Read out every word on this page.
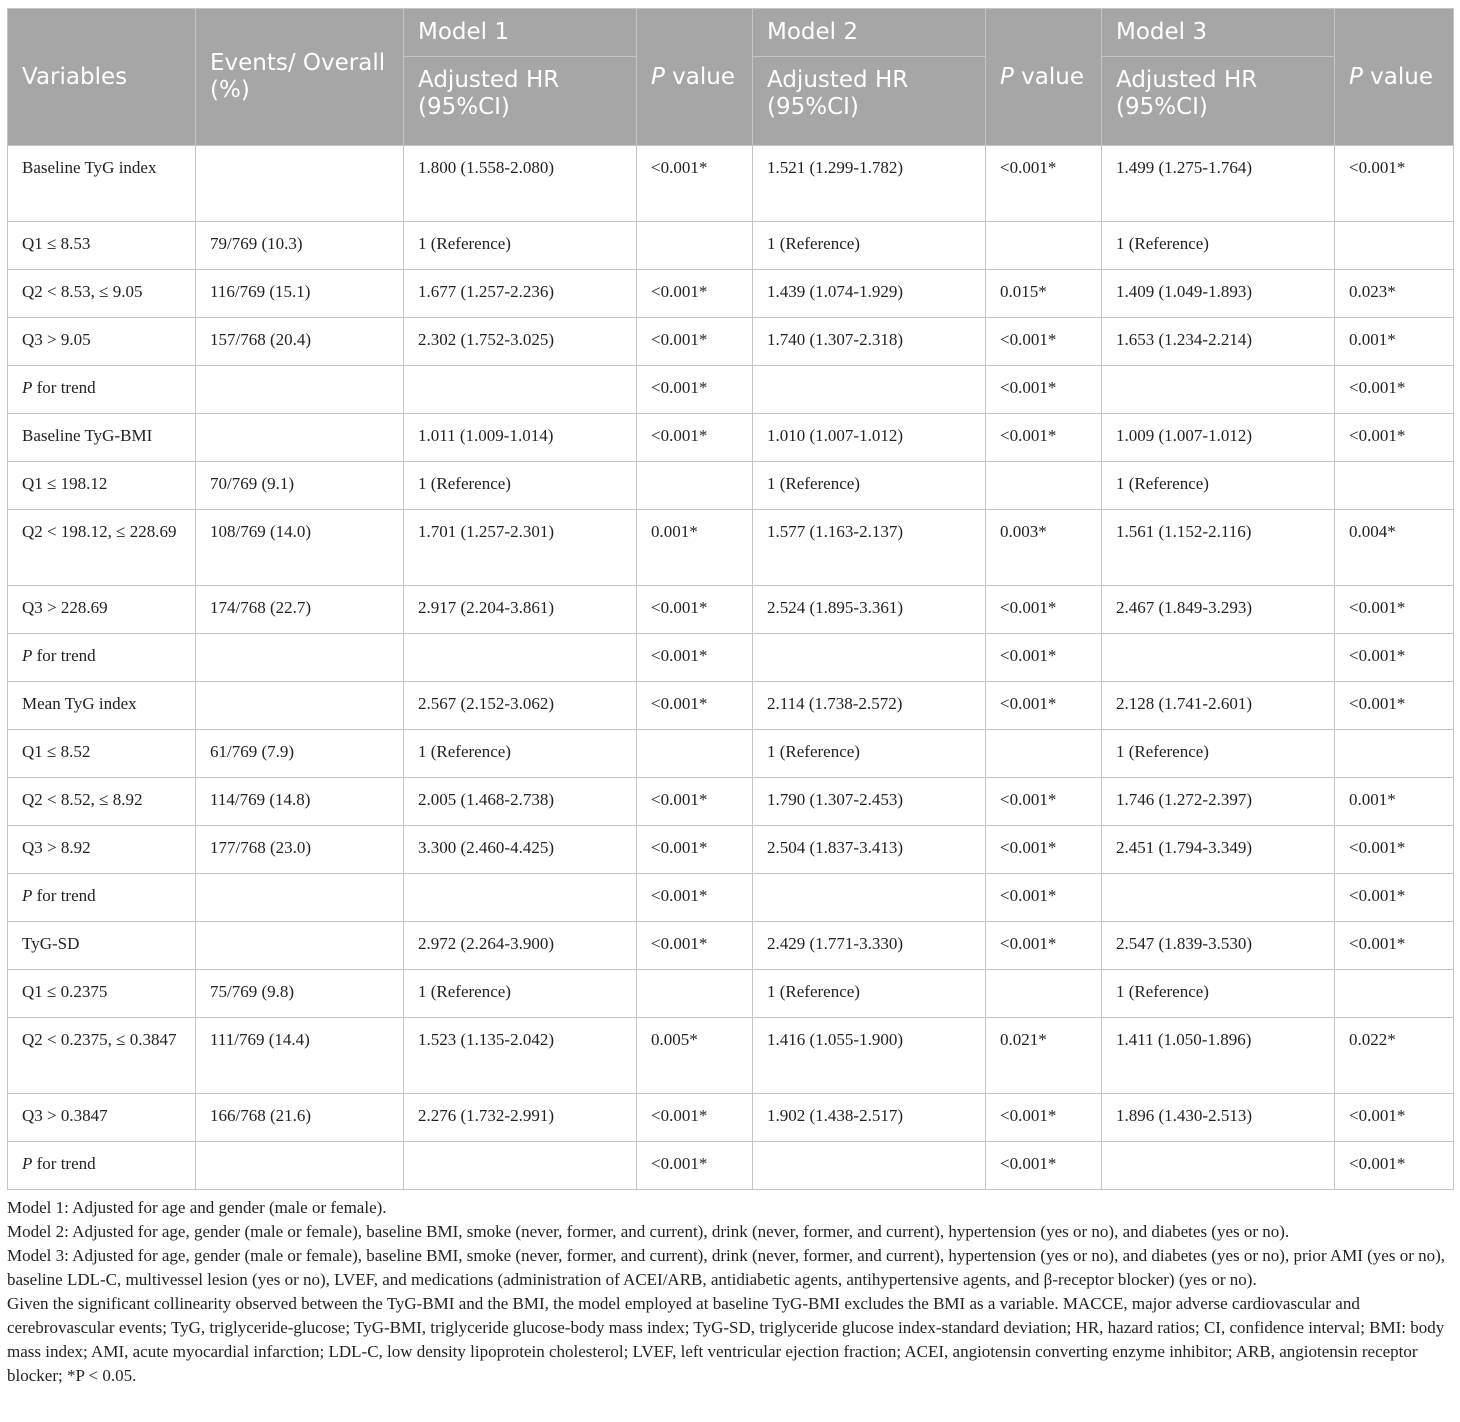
Variables	Events/ Overall (%)	Model 1	P value	Model 2	P value	Model 3	P value

		Adjusted HR
(95%CI)		Adjusted HR
(95%CI)		Adjusted HR
(95%CI)	

Baseline TyG index		1.800 (1.558-2.080)	<0.001*	1.521 (1.299-1.782)	<0.001*	1.499 (1.275-1.764)	<0.001*
Q1 ≤ 8.53	79/769 (10.3)	1 (Reference)		1 (Reference)		1 (Reference)	
Q2 < 8.53, ≤ 9.05	116/769 (15.1)	1.677 (1.257-2.236)	<0.001*	1.439 (1.074-1.929)	0.015*	1.409 (1.049-1.893)	0.023*
Q3 > 9.05	157/768 (20.4)	2.302 (1.752-3.025)	<0.001*	1.740 (1.307-2.318)	<0.001*	1.653 (1.234-2.214)	0.001*
P for trend			<0.001*		<0.001*		<0.001*
Baseline TyG-BMI		1.011 (1.009-1.014)	<0.001*	1.010 (1.007-1.012)	<0.001*	1.009 (1.007-1.012)	<0.001*
Q1 ≤ 198.12	70/769 (9.1)	1 (Reference)		1 (Reference)		1 (Reference)	
Q2 < 198.12, ≤ 228.69	108/769 (14.0)	1.701 (1.257-2.301)	0.001*	1.577 (1.163-2.137)	0.003*	1.561 (1.152-2.116)	0.004*
Q3 > 228.69	174/768 (22.7)	2.917 (2.204-3.861)	<0.001*	2.524 (1.895-3.361)	<0.001*	2.467 (1.849-3.293)	<0.001*
P for trend			<0.001*		<0.001*		<0.001*
Mean TyG index		2.567 (2.152-3.062)	<0.001*	2.114 (1.738-2.572)	<0.001*	2.128 (1.741-2.601)	<0.001*
Q1 ≤ 8.52	61/769 (7.9)	1 (Reference)		1 (Reference)		1 (Reference)	
Q2 < 8.52, ≤ 8.92	114/769 (14.8)	2.005 (1.468-2.738)	<0.001*	1.790 (1.307-2.453)	<0.001*	1.746 (1.272-2.397)	0.001*
Q3 > 8.92	177/768 (23.0)	3.300 (2.460-4.425)	<0.001*	2.504 (1.837-3.413)	<0.001*	2.451 (1.794-3.349)	<0.001*
P for trend			<0.001*		<0.001*		<0.001*
TyG-SD		2.972 (2.264-3.900)	<0.001*	2.429 (1.771-3.330)	<0.001*	2.547 (1.839-3.530)	<0.001*
Q1 ≤ 0.2375	75/769 (9.8)	1 (Reference)		1 (Reference)		1 (Reference)	
Q2 < 0.2375, ≤ 0.3847	111/769 (14.4)	1.523 (1.135-2.042)	0.005*	1.416 (1.055-1.900)	0.021*	1.411 (1.050-1.896)	0.022*
Q3 > 0.3847	166/768 (21.6)	2.276 (1.732-2.991)	<0.001*	1.902 (1.438-2.517)	<0.001*	1.896 (1.430-2.513)	<0.001*
P for trend			<0.001*		<0.001*		<0.001*

Model 1: Adjusted for age and gender (male or female).

Model 2: Adjusted for age, gender (male or female), baseline BMI, smoke (never, former, and current), drink (never, former, and current), hypertension (yes or no), and diabetes (yes or no).

Model 3: Adjusted for age, gender (male or female), baseline BMI, smoke (never, former, and current), drink (never, former, and current), hypertension (yes or no), and diabetes (yes or no), prior AMI (yes or no), baseline LDL-C, multivessel lesion (yes or no), LVEF, and medications (administration of ACEI/ARB, antidiabetic agents, antihypertensive agents, and β-receptor blocker) (yes or no).

Given the significant collinearity observed between the TyG-BMI and the BMI, the model employed at baseline TyG-BMI excludes the BMI as a variable. MACCE, major adverse cardiovascular and cerebrovascular events; TyG, triglyceride-glucose; TyG-BMI, triglyceride glucose-body mass index; TyG-SD, triglyceride glucose index-standard deviation; HR, hazard ratios; CI, confidence interval; BMI: body mass index; AMI, acute myocardial infarction; LDL-C, low density lipoprotein cholesterol; LVEF, left ventricular ejection fraction; ACEI, angiotensin converting enzyme inhibitor; ARB, angiotensin receptor blocker; *P < 0.05.
